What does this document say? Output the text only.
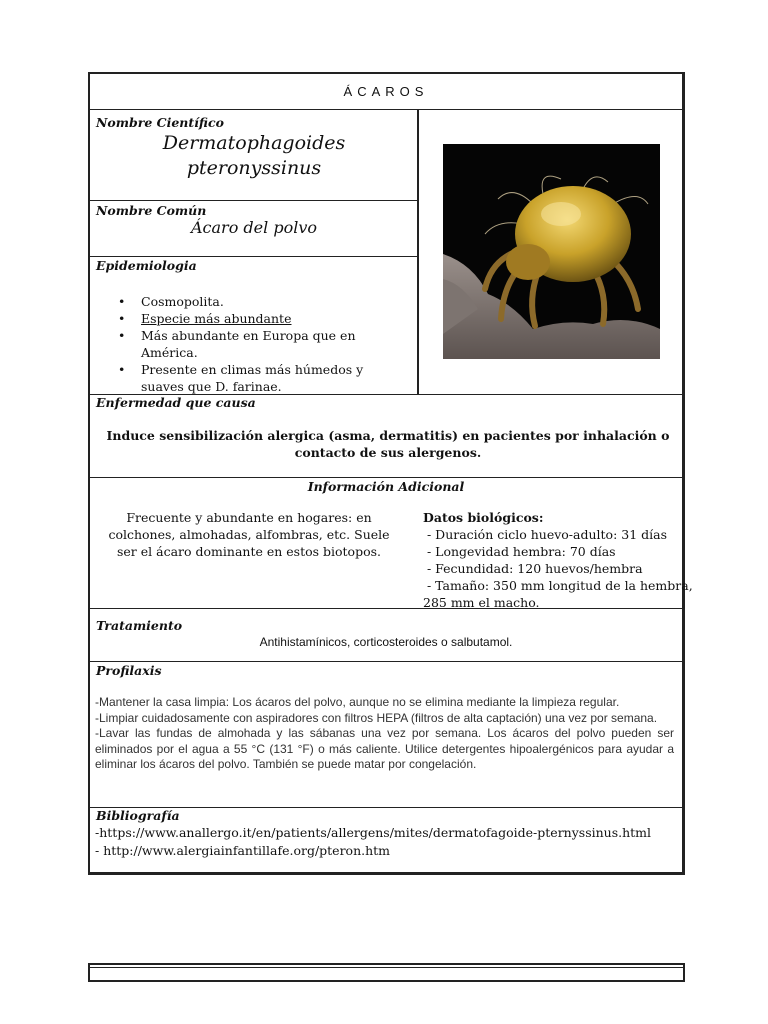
ÁCAROS
Nombre Científico
Dermatophagoides
pteronyssinus
Nombre Común
Ácaro del polvo
Epidemiologia
• Cosmopolita.
• Especie más abundante
• Más abundante en Europa que en América.
• Presente en climas más húmedos y suaves que D. farinae.
Enfermedad que causa
Induce sensibilización alergica (asma, dermatitis) en pacientes por inhalación o contacto de sus alergenos.
Información Adicional
Frecuente y abundante en hogares: en colchones, almohadas, alfombras, etc. Suele ser el ácaro dominante en estos biotopos.
Datos biológicos:
- Duración ciclo huevo-adulto: 31 días
- Longevidad hembra: 70 días
- Fecundidad: 120 huevos/hembra
- Tamaño: 350 mm longitud de la hembra,
285 mm el macho.
Tratamiento
Antihistamínicos, corticosteroides o salbutamol.
Profilaxis
-Mantener la casa limpia: Los ácaros del polvo, aunque no se elimina mediante la limpieza regular.
-Limpiar cuidadosamente con aspiradores con filtros HEPA (filtros de alta captación) una vez por semana.
-Lavar las fundas de almohada y las sábanas una vez por semana. Los ácaros del polvo pueden ser eliminados por el agua a 55 °C (131 °F) o más caliente. Utilice detergentes hipoalergénicos para ayudar a eliminar los ácaros del polvo. También se puede matar por congelación.
Bibliografía
-https://www.anallergo.it/en/patients/allergens/mites/dermatofagoide-pternyssinus.html
- http://www.alergiainfantillafe.org/pteron.htm
